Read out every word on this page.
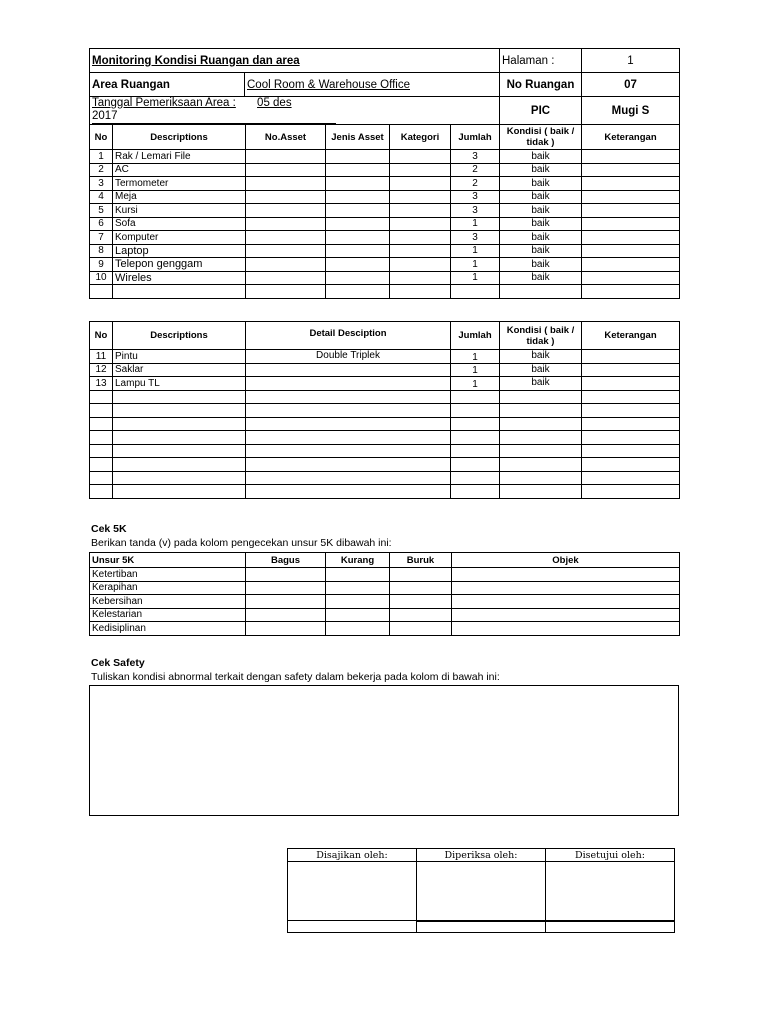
Monitoring Kondisi Ruangan dan area		Halaman :	1
Area Ruangan	Cool Room & Warehouse Office	No Ruangan	07

Tanggal Pemeriksaan Area : 05 des
2017		PIC	Mugi S
No	Descriptions	No.Asset	Jenis Asset	Kategori	Jumlah	Kondisi ( baik / tidak )	Keterangan
1	Rak / Lemari File				3	baik	
2	AC				2	baik	
3	Termometer				2	baik	
4	Meja				3	baik	
5	Kursi				3	baik	
6	Sofa				1	baik	
7	Komputer				3	baik	
8	Laptop				1	baik	
9	Telepon genggam				1	baik	
10	Wireles				1	baik	

No	Descriptions	Detail Desciption	Jumlah	Kondisi ( baik / tidak )	Keterangan
11	Pintu	Double Triplek	1	baik	
12	Saklar		1	baik	
13	Lampu TL		1	baik	

Cek 5K
Berikan tanda (v) pada kolom pengecekan unsur 5K dibawah ini:
Unsur 5K	Bagus	Kurang	Buruk	Objek
Ketertiban				
Kerapihan				
Kebersihan				
Kelestarian				
Kedisiplinan				
Cek Safety
Tuliskan kondisi abnormal terkait dengan safety dalam bekerja pada kolom di bawah ini:
Disajikan oleh:	Diperiksa oleh:	Disetujui oleh:
